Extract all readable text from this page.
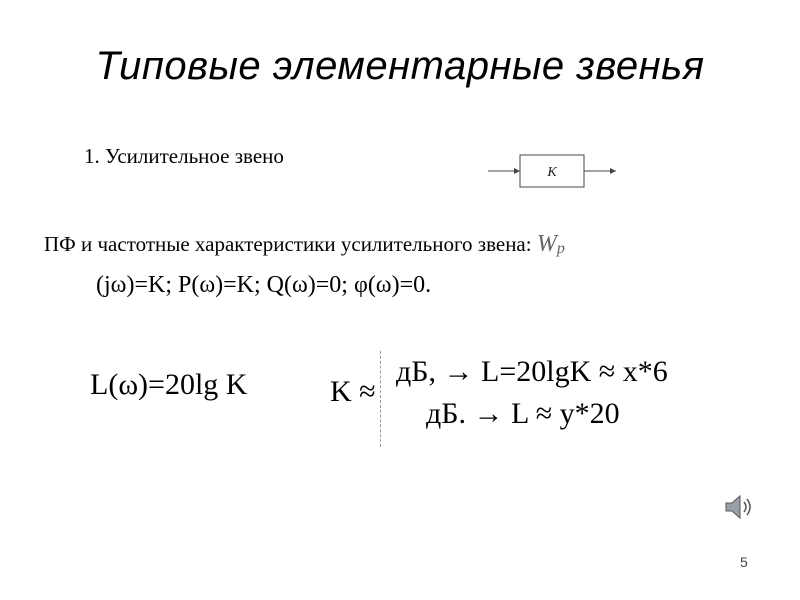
Типовые элементарные звенья
1. Усилительное звено
K
ПФ и частотные характеристики усилительного звена: Wp
(jω)=K; P(ω)=K; Q(ω)=0; φ(ω)=0.
L(ω)=20lg K	K ≈
дБ, → L=20lgK ≈ x*6
дБ. → L ≈ y*20
5
